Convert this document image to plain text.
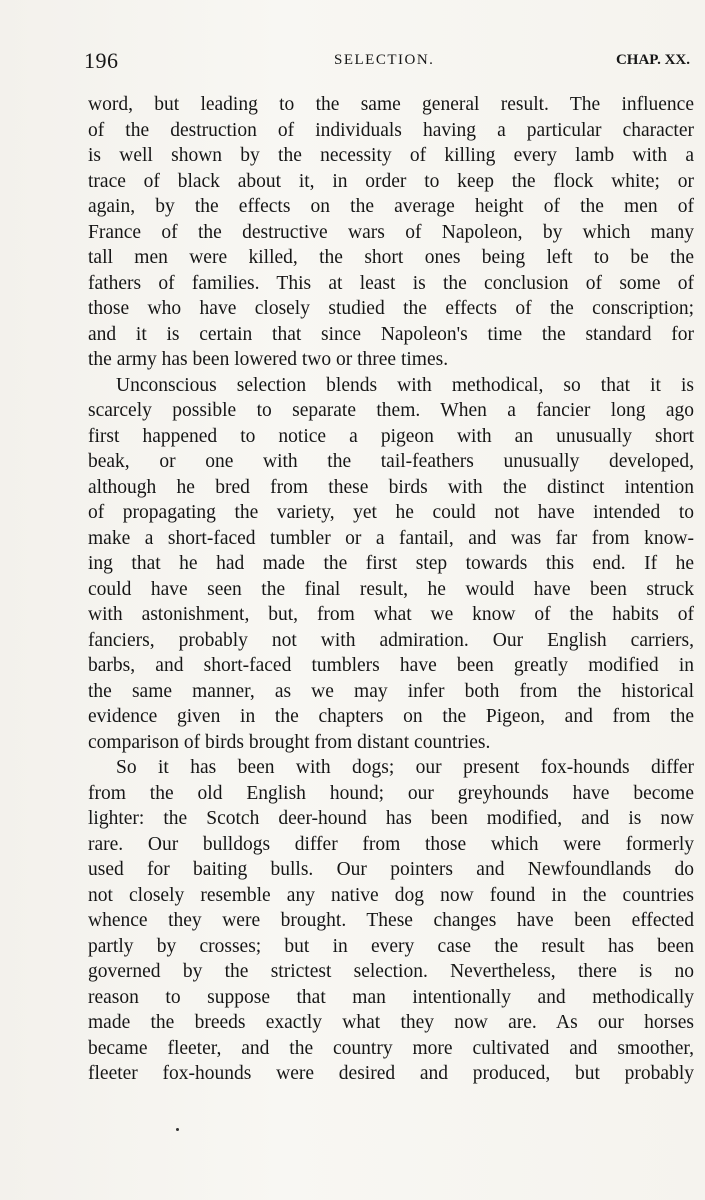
196	SELECTION.	CHAP. XX.
word, but leading to the same general result. The influence
of the destruction of individuals having a particular character
is well shown by the necessity of killing every lamb with a
trace of black about it, in order to keep the flock white; or
again, by the effects on the average height of the men of
France of the destructive wars of Napoleon, by which many
tall men were killed, the short ones being left to be the
fathers of families. This at least is the conclusion of some of
those who have closely studied the effects of the conscription;
and it is certain that since Napoleon's time the standard for
the army has been lowered two or three times.
Unconscious selection blends with methodical, so that it is
scarcely possible to separate them. When a fancier long ago
first happened to notice a pigeon with an unusually short
beak, or one with the tail-feathers unusually developed,
although he bred from these birds with the distinct intention
of propagating the variety, yet he could not have intended to
make a short-faced tumbler or a fantail, and was far from know-
ing that he had made the first step towards this end. If he
could have seen the final result, he would have been struck
with astonishment, but, from what we know of the habits of
fanciers, probably not with admiration. Our English carriers,
barbs, and short-faced tumblers have been greatly modified in
the same manner, as we may infer both from the historical
evidence given in the chapters on the Pigeon, and from the
comparison of birds brought from distant countries.
So it has been with dogs; our present fox-hounds differ
from the old English hound; our greyhounds have become
lighter: the Scotch deer-hound has been modified, and is now
rare. Our bulldogs differ from those which were formerly
used for baiting bulls. Our pointers and Newfoundlands do
not closely resemble any native dog now found in the countries
whence they were brought. These changes have been effected
partly by crosses; but in every case the result has been
governed by the strictest selection. Nevertheless, there is no
reason to suppose that man intentionally and methodically
made the breeds exactly what they now are. As our horses
became fleeter, and the country more cultivated and smoother,
fleeter fox-hounds were desired and produced, but probably
